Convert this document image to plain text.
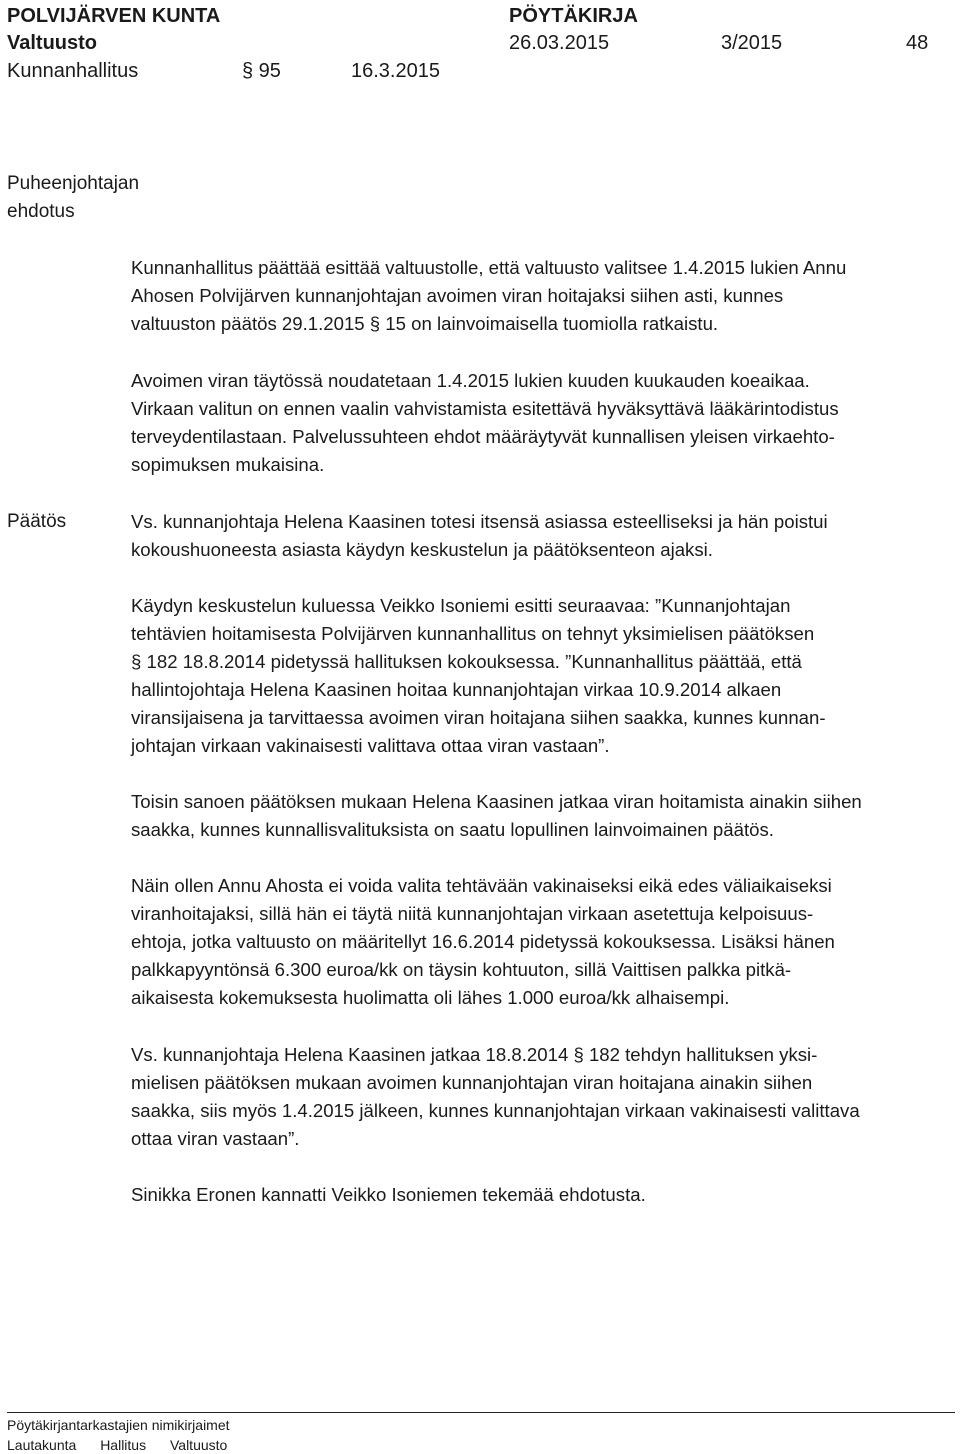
POLVIJÄRVEN KUNTA	PÖYTÄKIRJA
Valtuusto	26.03.2015	3/2015	48
Kunnanhallitus	§ 95	16.3.2015
Puheenjohtajan
ehdotus
Päätös

Kunnanhallitus päättää esittää valtuustolle, että valtuusto valitsee 1.4.2015 lukien Annu
Ahosen Polvijärven kunnanjohtajan avoimen viran hoitajaksi siihen asti, kunnes
valtuuston päätös 29.1.2015 § 15 on lainvoimaisella tuomiolla ratkaistu.

Avoimen viran täytössä noudatetaan 1.4.2015 lukien kuuden kuukauden koeaikaa.
Virkaan valitun on ennen vaalin vahvistamista esitettävä hyväksyttävä lääkärintodistus
terveydentilastaan. Palvelussuhteen ehdot määräytyvät kunnallisen yleisen virkaehto-
sopimuksen mukaisina.

Vs. kunnanjohtaja Helena Kaasinen totesi itsensä asiassa esteelliseksi ja hän poistui
kokoushuoneesta asiasta käydyn keskustelun ja päätöksenteon ajaksi.

Käydyn keskustelun kuluessa Veikko Isoniemi esitti seuraavaa: ”Kunnanjohtajan
tehtävien hoitamisesta Polvijärven kunnanhallitus on tehnyt yksimielisen päätöksen
§ 182 18.8.2014 pidetyssä hallituksen kokouksessa. ”Kunnanhallitus päättää, että
hallintojohtaja Helena Kaasinen hoitaa kunnanjohtajan virkaa 10.9.2014 alkaen
viransijaisena ja tarvittaessa avoimen viran hoitajana siihen saakka, kunnes kunnan-
johtajan virkaan vakinaisesti valittava ottaa viran vastaan”.

Toisin sanoen päätöksen mukaan Helena Kaasinen jatkaa viran hoitamista ainakin siihen
saakka, kunnes kunnallisvalituksista on saatu lopullinen lainvoimainen päätös.

Näin ollen Annu Ahosta ei voida valita tehtävään vakinaiseksi eikä edes väliaikaiseksi
viranhoitajaksi, sillä hän ei täytä niitä kunnanjohtajan virkaan asetettuja kelpoisuus-
ehtoja, jotka valtuusto on määritellyt 16.6.2014 pidetyssä kokouksessa. Lisäksi hänen
palkkapyyntönsä 6.300 euroa/kk on täysin kohtuuton, sillä Vaittisen palkka pitkä-
aikaisesta kokemuksesta huolimatta oli lähes 1.000 euroa/kk alhaisempi.

Vs. kunnanjohtaja Helena Kaasinen jatkaa 18.8.2014 § 182 tehdyn hallituksen yksi-
mielisen päätöksen mukaan avoimen kunnanjohtajan viran hoitajana ainakin siihen
saakka, siis myös 1.4.2015 jälkeen, kunnes kunnanjohtajan virkaan vakinaisesti valittava
ottaa viran vastaan”.

Sinikka Eronen kannatti Veikko Isoniemen tekemää ehdotusta.

Pöytäkirjantarkastajien nimikirjaimet
Lautakunta Hallitus Valtuusto
